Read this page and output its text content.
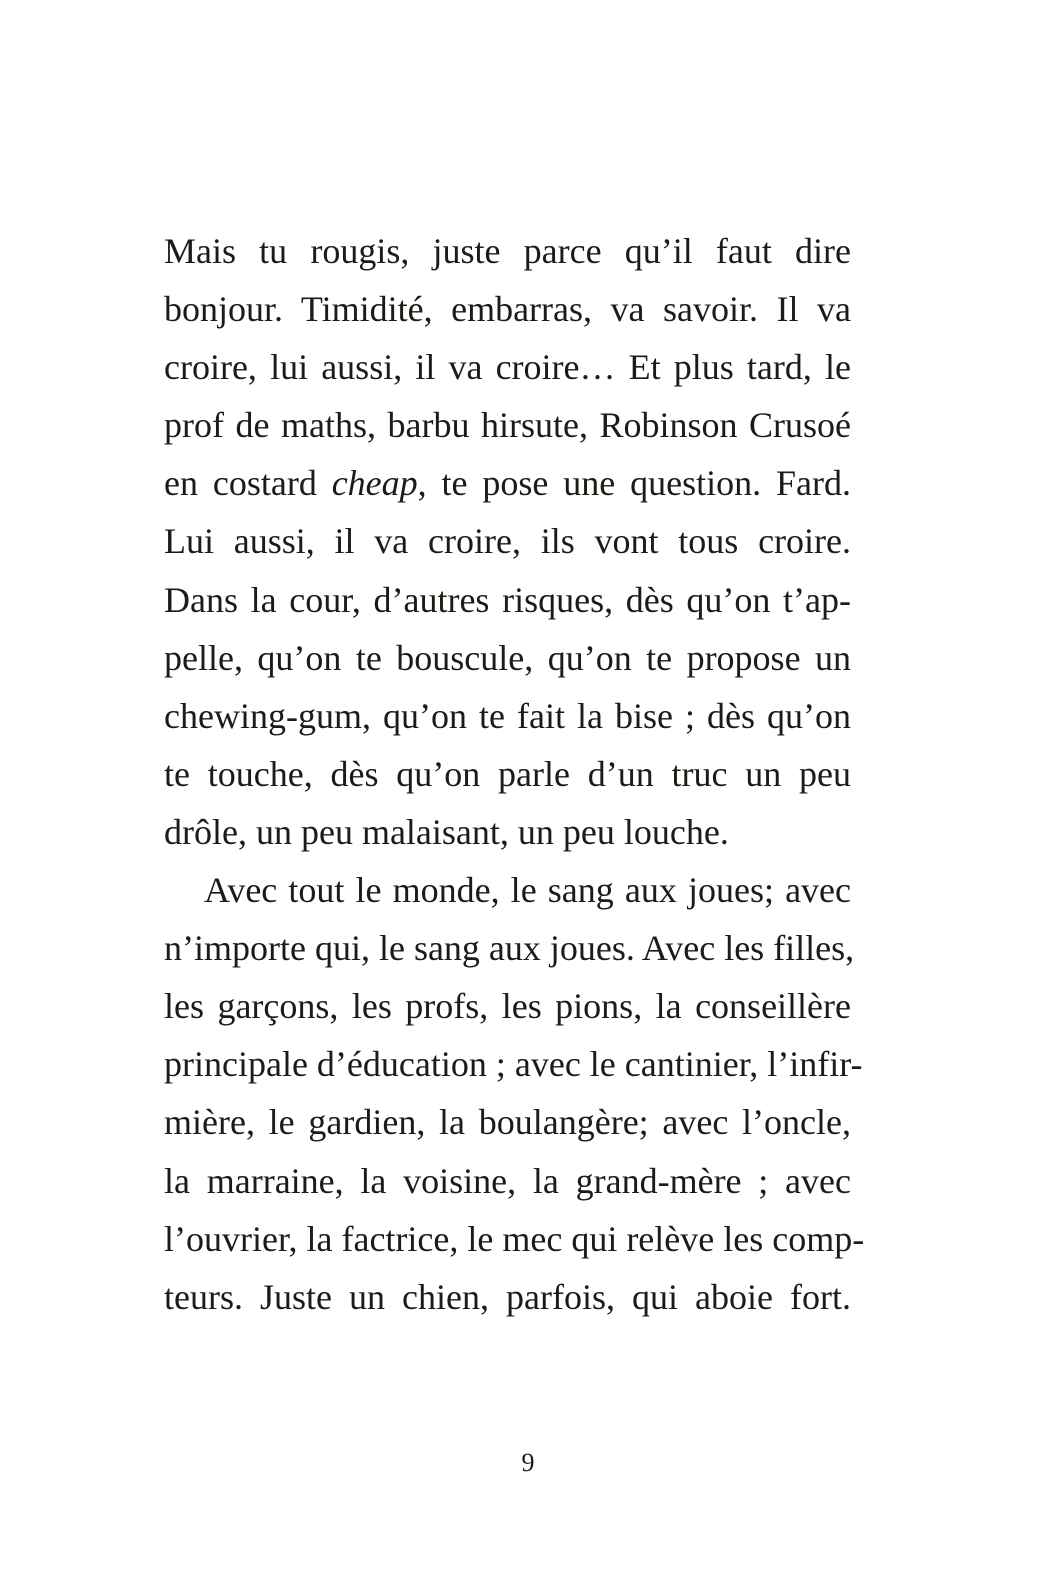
Mais tu rougis, juste parce qu’il faut dire
bonjour. Timidité, embarras, va savoir. Il va
croire, lui aussi, il va croire… Et plus tard, le
prof de maths, barbu hirsute, Robinson Crusoé
en costard cheap, te pose une question. Fard.
Lui aussi, il va croire, ils vont tous croire.
Dans la cour, d’autres risques, dès qu’on t’ap-
pelle, qu’on te bouscule, qu’on te propose un
chewing-gum, qu’on te fait la bise ; dès qu’on
te touche, dès qu’on parle d’un truc un peu
drôle, un peu malaisant, un peu louche.
Avec tout le monde, le sang aux joues; avec
n’importe qui, le sang aux joues. Avec les filles,
les garçons, les profs, les pions, la conseillère
principale d’éducation ; avec le cantinier, l’infir-
mière, le gardien, la boulangère; avec l’oncle,
la marraine, la voisine, la grand-mère ; avec
l’ouvrier, la factrice, le mec qui relève les comp-
teurs. Juste un chien, parfois, qui aboie fort.
9
